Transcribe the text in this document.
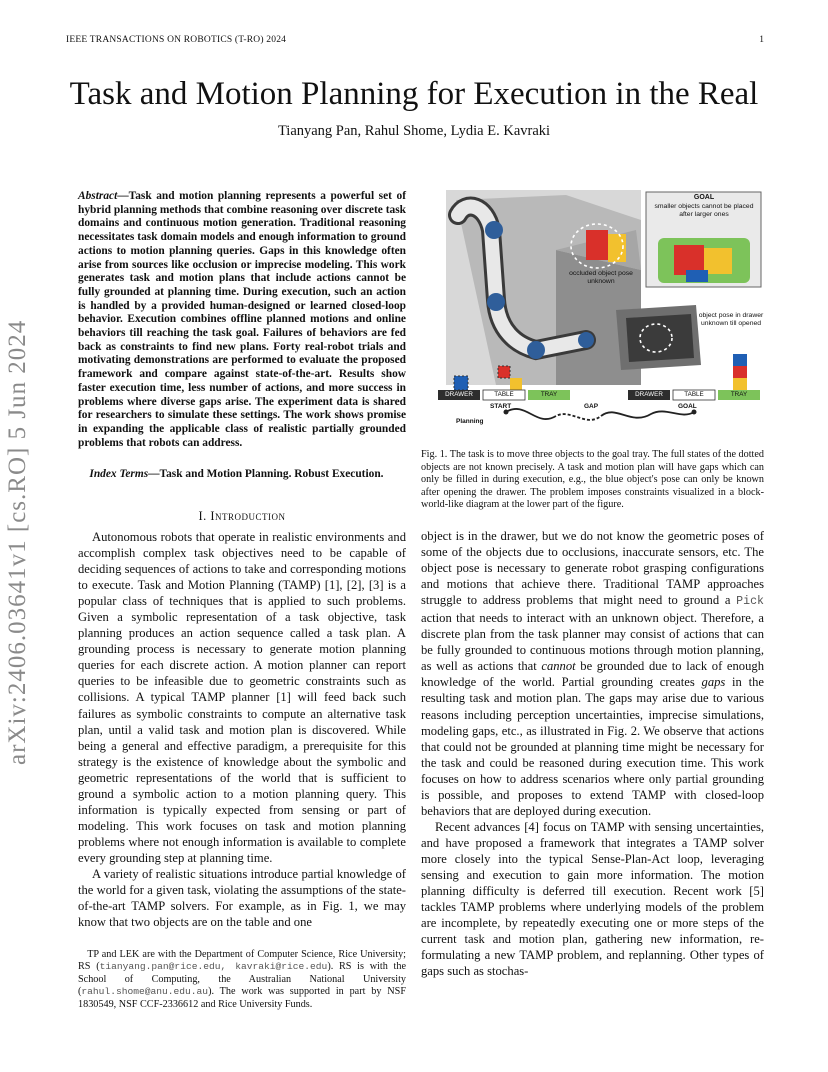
IEEE TRANSACTIONS ON ROBOTICS (T-RO) 2024	1
Task and Motion Planning for Execution in the Real
Tianyang Pan, Rahul Shome, Lydia E. Kavraki
arXiv:2406.03641v1 [cs.RO] 5 Jun 2024
Abstract—Task and motion planning represents a powerful set of hybrid planning methods that combine reasoning over discrete task domains and continuous motion generation. Traditional reasoning necessitates task domain models and enough information to ground actions to motion planning queries. Gaps in this knowledge often arise from sources like occlusion or imprecise modeling. This work generates task and motion plans that include actions cannot be fully grounded at planning time. During execution, such an action is handled by a provided human-designed or learned closed-loop behavior. Execution combines offline planned motions and online behaviors till reaching the task goal. Failures of behaviors are fed back as constraints to find new plans. Forty real-robot trials and motivating demonstrations are performed to evaluate the proposed framework and compare against state-of-the-art. Results show faster execution time, less number of actions, and more success in problems where diverse gaps arise. The experiment data is shared for researchers to simulate these settings. The work shows promise in expanding the applicable class of realistic partially grounded problems that robots can address.
Index Terms—Task and Motion Planning. Robust Execution.
I. Introduction

Autonomous robots that operate in realistic environments and accomplish complex task objectives need to be capable of deciding sequences of actions to take and corresponding motions to execute. Task and Motion Planning (TAMP) [1], [2], [3] is a popular class of techniques that is applied to such problems. Given a symbolic representation of a task objective, task planning produces an action sequence called a task plan. A grounding process is necessary to generate motion planning queries for each discrete action. A motion planner can report queries to be infeasible due to geometric constraints such as collisions. A typical TAMP planner [1] will feed back such failures as symbolic constraints to compute an alternative task plan, until a valid task and motion plan is discovered. While being a general and effective paradigm, a prerequisite for this strategy is the existence of knowledge about the symbolic and geometric representations of the world that is sufficient to ground a symbolic action to a motion planning query. This information is typically expected from sensing or part of modeling. This work focuses on task and motion planning problems where not enough information is available to complete every grounding step at planning time.

A variety of realistic situations introduce partial knowledge of the world for a given task, violating the assumptions of the state-of-the-art TAMP solvers. For example, as in Fig. 1, we may know that two objects are on the table and one

TP and LEK are with the Department of Computer Science, Rice University; RS (tianyang.pan@rice.edu, kavraki@rice.edu). RS is with the School of Computing, the Australian National University (rahul.shome@anu.edu.au). The work was supported in part by NSF 1830549, NSF CCF-2336612 and Rice University Funds.
GOAL
smaller objects cannot be placed after larger ones
occluded object pose unknown
object pose in drawer unknown till opened
DRAWER	TABLE	TRAY	DRAWER	TABLE	TRAY
START	GAP	GOAL
Planning
Fig. 1. The task is to move three objects to the goal tray. The full states of the dotted objects are not known precisely. A task and motion plan will have gaps which can only be filled in during execution, e.g., the blue object's pose can only be known after opening the drawer. The problem imposes constraints visualized in a block-world-like diagram at the lower part of the figure.

object is in the drawer, but we do not know the geometric poses of some of the objects due to occlusions, inaccurate sensors, etc. The object pose is necessary to generate robot grasping configurations and motions that achieve there. Traditional TAMP approaches struggle to address problems that might need to ground a Pick action that needs to interact with an unknown object. Therefore, a discrete plan from the task planner may consist of actions that can be fully grounded to continuous motions through motion planning, as well as actions that cannot be grounded due to lack of enough knowledge of the world. Partial grounding creates gaps in the resulting task and motion plan. The gaps may arise due to various reasons including perception uncertainties, imprecise simulations, modeling gaps, etc., as illustrated in Fig. 2. We observe that actions that could not be grounded at planning time might be necessary for the task and could be reasoned during execution time. This work focuses on how to address scenarios where only partial grounding is possible, and proposes to extend TAMP with closed-loop behaviors that are deployed during execution.

Recent advances [4] focus on TAMP with sensing uncertainties, and have proposed a framework that integrates a TAMP solver more closely into the typical Sense-Plan-Act loop, leveraging sensing and execution to gain more information. The motion planning difficulty is deferred till execution. Recent work [5] tackles TAMP problems where underlying models of the problem are incomplete, by repeatedly executing one or more steps of the current task and motion plan, gathering new information, re-formulating a new TAMP problem, and replanning. Other types of gaps such as stochas-
